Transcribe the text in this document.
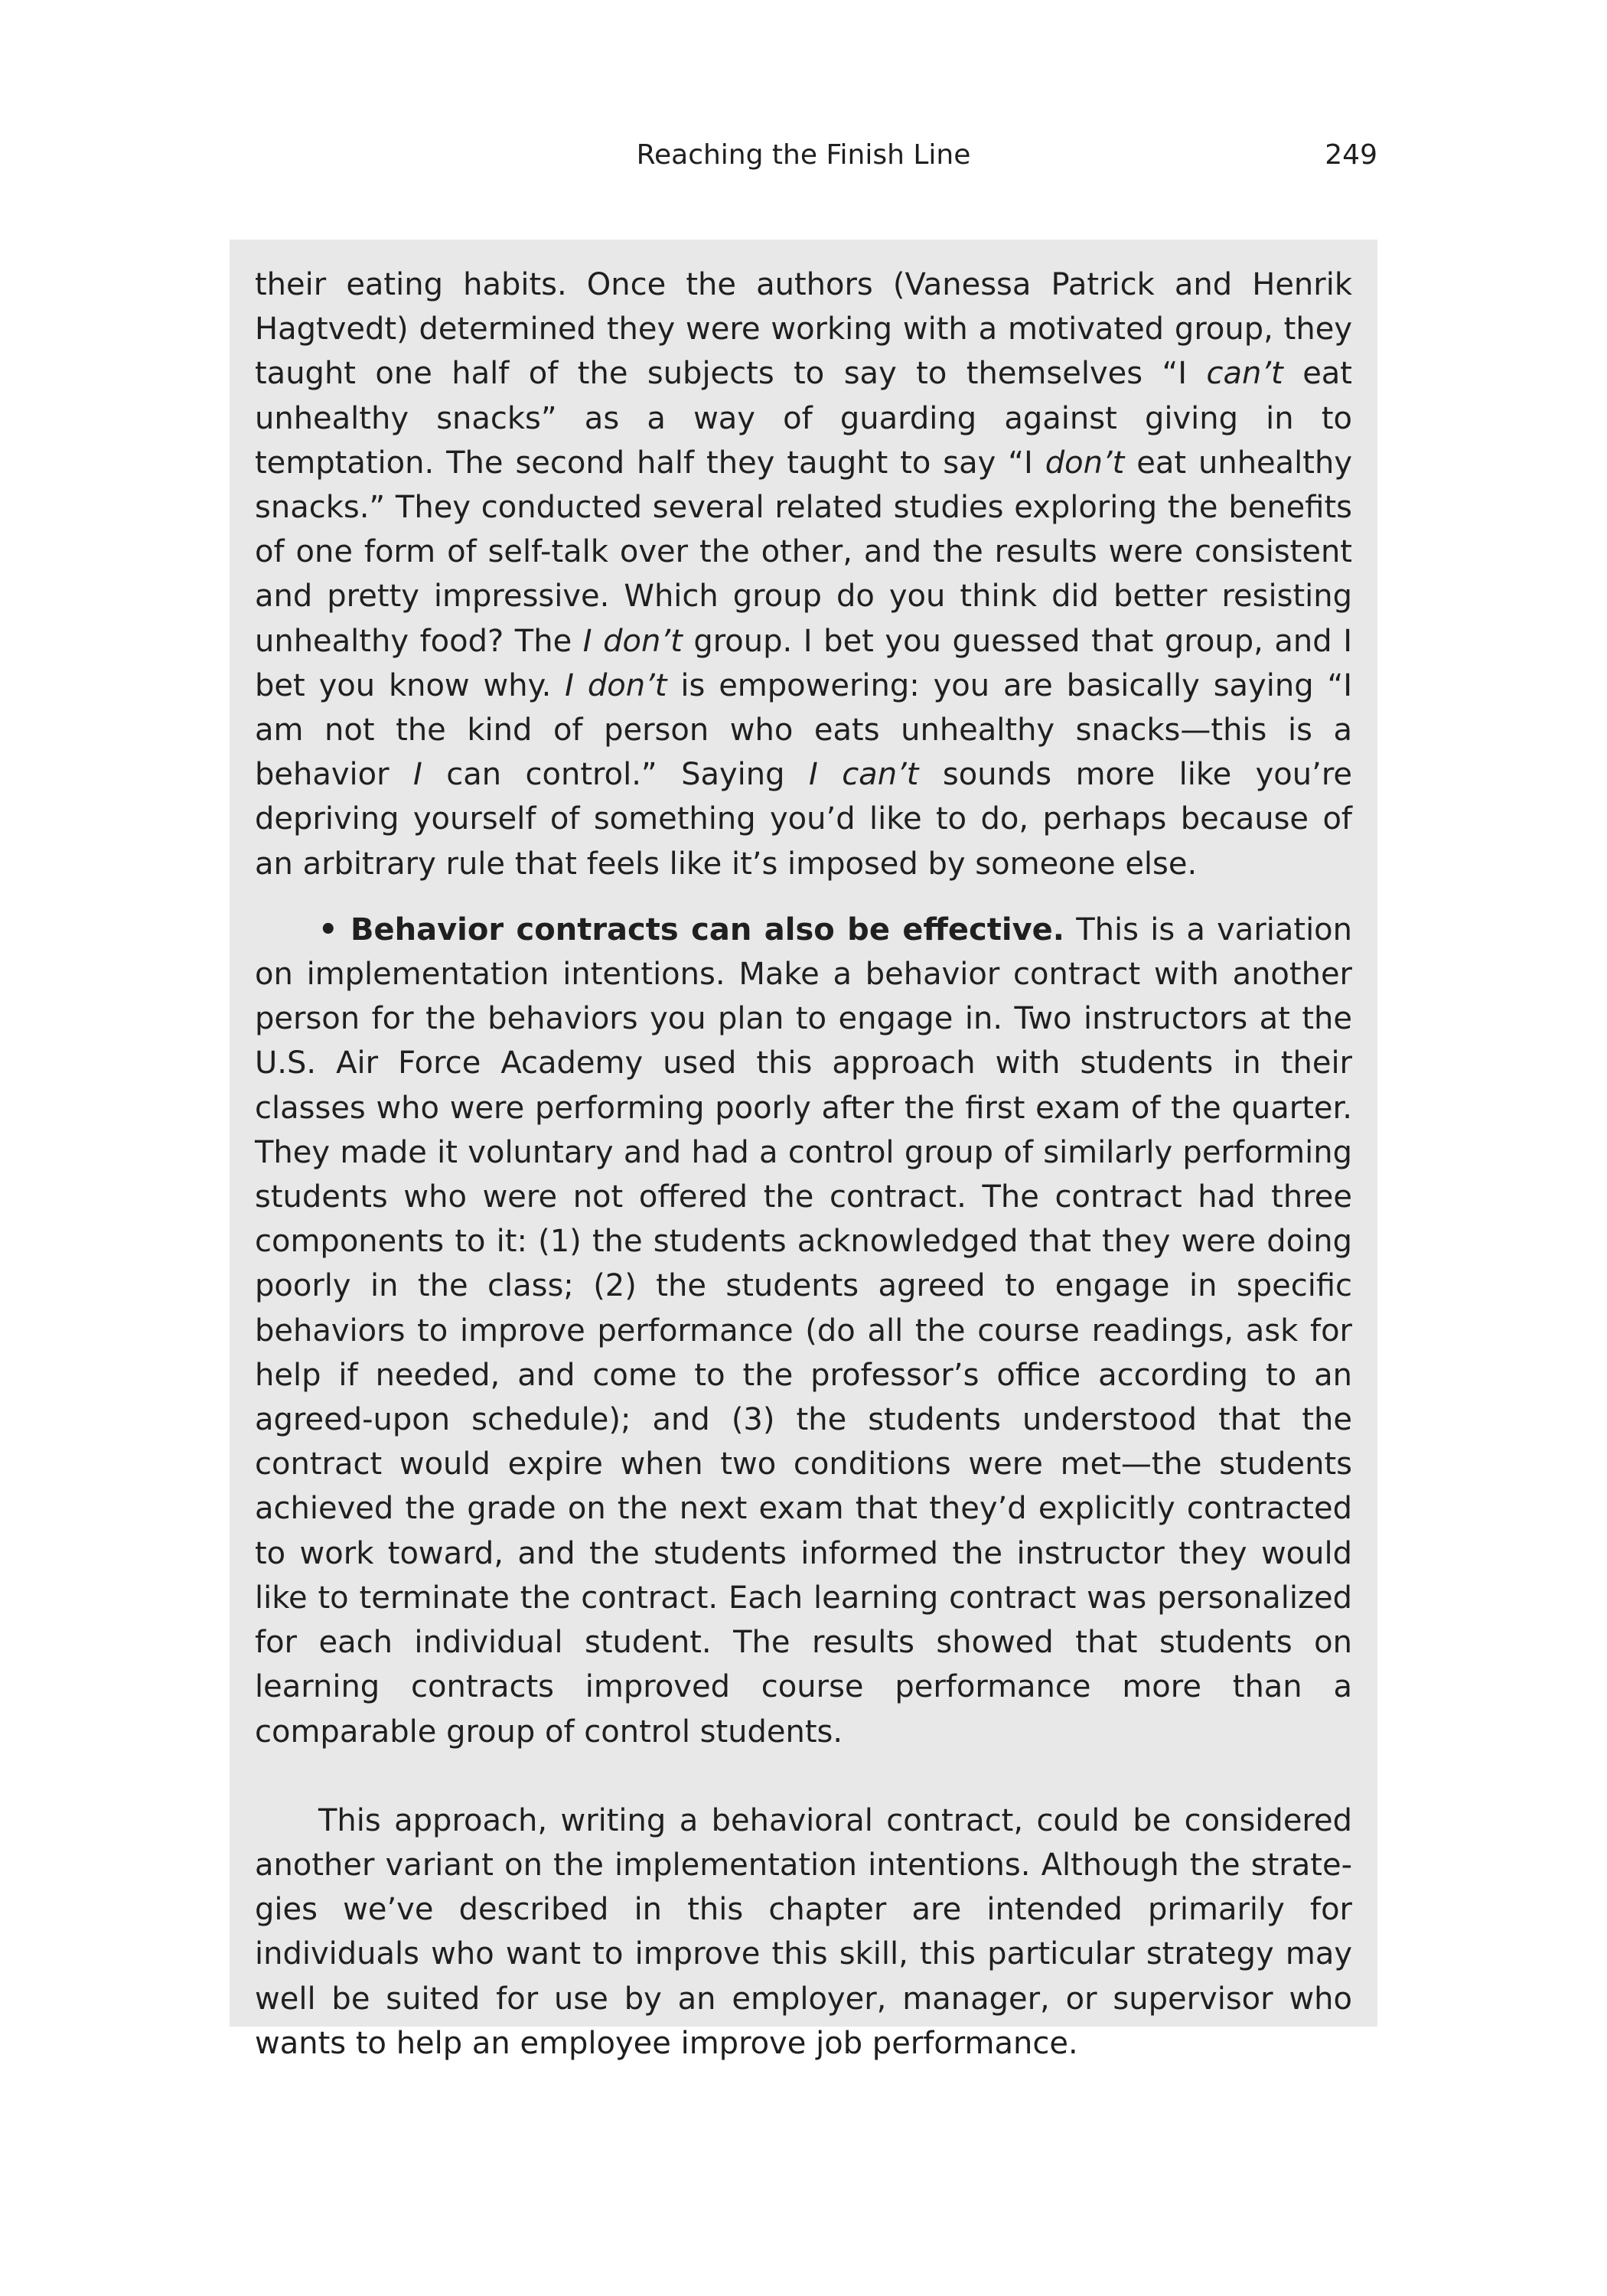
Reaching the Finish Line	249

their eating habits. Once the authors (Vanessa Patrick and Henrik Hagtvedt) determined they were working with a motivated group, they taught one half of the subjects to say to themselves “I can’t eat unhealthy snacks” as a way of guarding against giving in to temptation. The second half they taught to say “I don’t eat unhealthy snacks.” They conducted several related studies exploring the benefits of one form of self-talk over the other, and the results were consistent and pretty impressive. Which group do you think did better resisting unhealthy food? The I don’t group. I bet you guessed that group, and I bet you know why. I don’t is empowering: you are basically saying “I am not the kind of person who eats unhealthy snacks—this is a behavior I can control.” Saying I can’t sounds more like you’re depriving yourself of something you’d like to do, perhaps because of an arbitrary rule that feels like it’s imposed by someone else.

• Behavior contracts can also be effective. This is a variation on implementation intentions. Make a behavior contract with another person for the behaviors you plan to engage in. Two instructors at the U.S. Air Force Academy used this approach with students in their classes who were performing poorly after the first exam of the quarter. They made it voluntary and had a control group of similarly performing students who were not offered the contract. The contract had three components to it: (1) the students acknowledged that they were doing poorly in the class; (2) the students agreed to engage in specific behaviors to improve performance (do all the course readings, ask for help if needed, and come to the professor’s office according to an agreed-upon schedule); and (3) the students understood that the contract would expire when two conditions were met—the students achieved the grade on the next exam that they’d explicitly contracted to work toward, and the students informed the instructor they would like to terminate the contract. Each learning contract was personalized for each individual student. The results showed that students on learning contracts improved course performance more than a comparable group of control students.

This approach, writing a behavioral contract, could be considered another variant on the implementation intentions. Although the strategies we’ve described in this chapter are intended primarily for individuals who want to improve this skill, this particular strategy may well be suited for use by an employer, manager, or supervisor who wants to help an employee improve job performance.
